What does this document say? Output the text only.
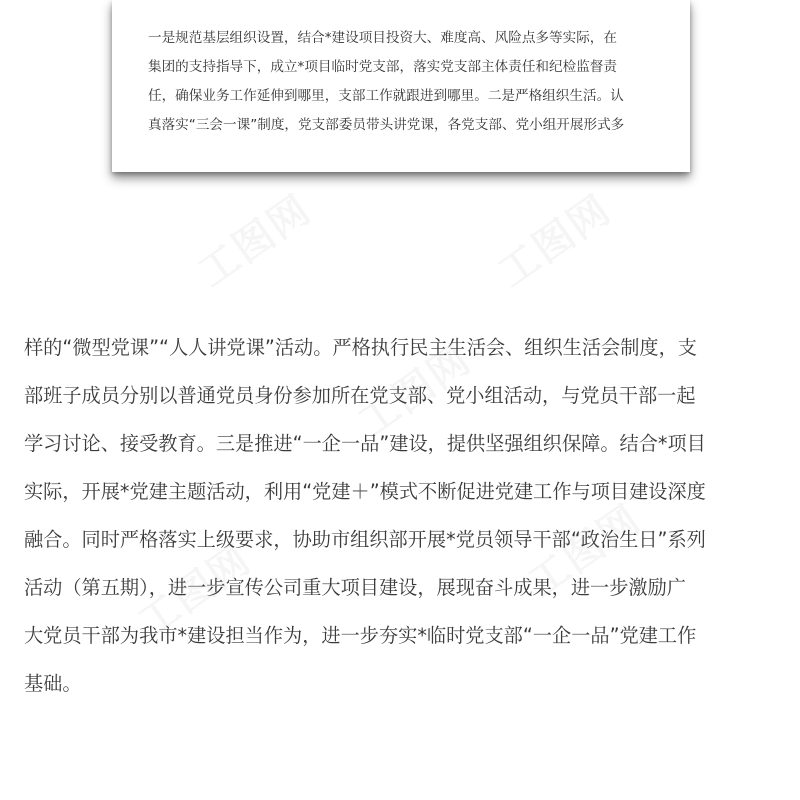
一是规范基层组织设置，结合*建设项目投资大、难度高、风险点多等实际，在
集团的支持指导下，成立*项目临时党支部，落实党支部主体责任和纪检监督责
任，确保业务工作延伸到哪里，支部工作就跟进到哪里。二是严格组织生活。认
真落实“三会一课”制度，党支部委员带头讲党课，各党支部、党小组开展形式多
样的“微型党课”“人人讲党课”活动。严格执行民主生活会、组织生活会制度，支
部班子成员分别以普通党员身份参加所在党支部、党小组活动，与党员干部一起
学习讨论、接受教育。三是推进“一企一品”建设，提供坚强组织保障。结合*项目
实际，开展*党建主题活动，利用“党建＋”模式不断促进党建工作与项目建设深度
融合。同时严格落实上级要求，协助市组织部开展*党员领导干部“政治生日”系列
活动（第五期），进一步宣传公司重大项目建设，展现奋斗成果，进一步激励广
大党员干部为我市*建设担当作为，进一步夯实*临时党支部“一企一品”党建工作
基础。
